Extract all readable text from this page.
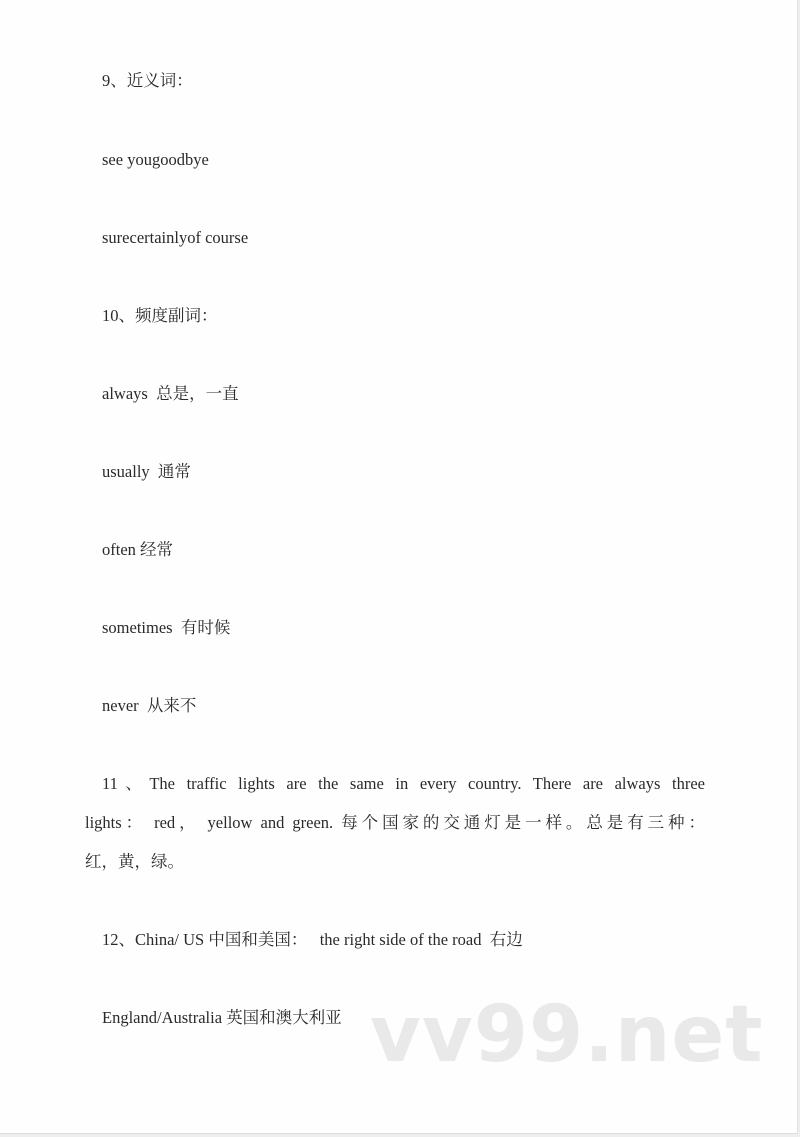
vv99.net
9、近义词：
see yougoodbye
surecertainlyof course
10、频度副词：
always  总是，一直
usually  通常
often 经常
sometimes  有时候
never  从来不
11、The traffic lights are the same in every country. There are always three
lights： red， yellow and green. 每个国家的交通灯是一样。总是有三种：
红，黄，绿。
12、China/ US 中国和美国：   the right side of the road  右边
England/Australia 英国和澳大利亚
